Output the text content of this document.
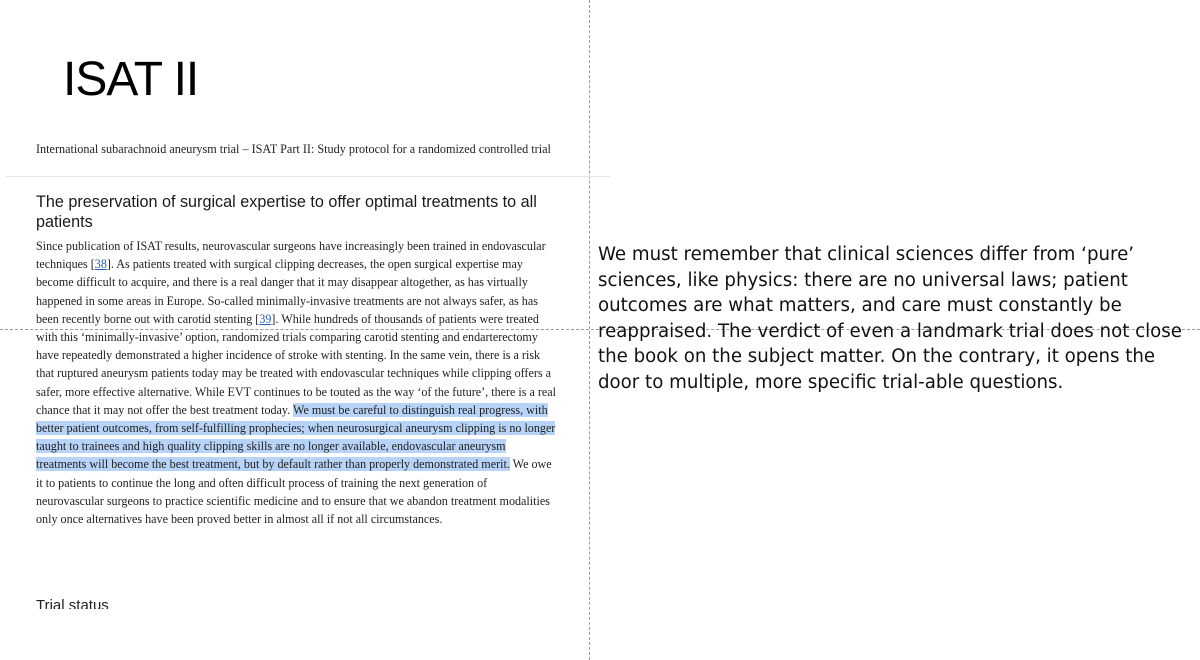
ISAT II
International subarachnoid aneurysm trial – ISAT Part II: Study protocol for a randomized controlled trial
The preservation of surgical expertise to offer optimal treatments to all patients

Since publication of ISAT results, neurovascular surgeons have increasingly been trained in endovascular techniques [38]. As patients treated with surgical clipping decreases, the open surgical expertise may become difficult to acquire, and there is a real danger that it may disappear altogether, as has virtually happened in some areas in Europe. So-called minimally-invasive treatments are not always safer, as has been recently borne out with carotid stenting [39]. While hundreds of thousands of patients were treated with this ‘minimally-invasive’ option, randomized trials comparing carotid stenting and endarterectomy have repeatedly demonstrated a higher incidence of stroke with stenting. In the same vein, there is a risk that ruptured aneurysm patients today may be treated with endovascular techniques while clipping offers a safer, more effective alternative. While EVT continues to be touted as the way ‘of the future’, there is a real chance that it may not offer the best treatment today. We must be careful to distinguish real progress, with better patient outcomes, from self-fulfilling prophecies; when neurosurgical aneurysm clipping is no longer taught to trainees and high quality clipping skills are no longer available, endovascular aneurysm treatments will become the best treatment, but by default rather than properly demonstrated merit. We owe it to patients to continue the long and often difficult process of training the next generation of neurovascular surgeons to practice scientific medicine and to ensure that we abandon treatment modalities only once alternatives have been proved better in almost all if not all circumstances.

Trial status

We must remember that clinical sciences differ from ‘pure’ sciences, like physics: there are no universal laws; patient outcomes are what matters, and care must constantly be reappraised. The verdict of even a landmark trial does not close the book on the subject matter. On the contrary, it opens the door to multiple, more specific trial-able questions.
